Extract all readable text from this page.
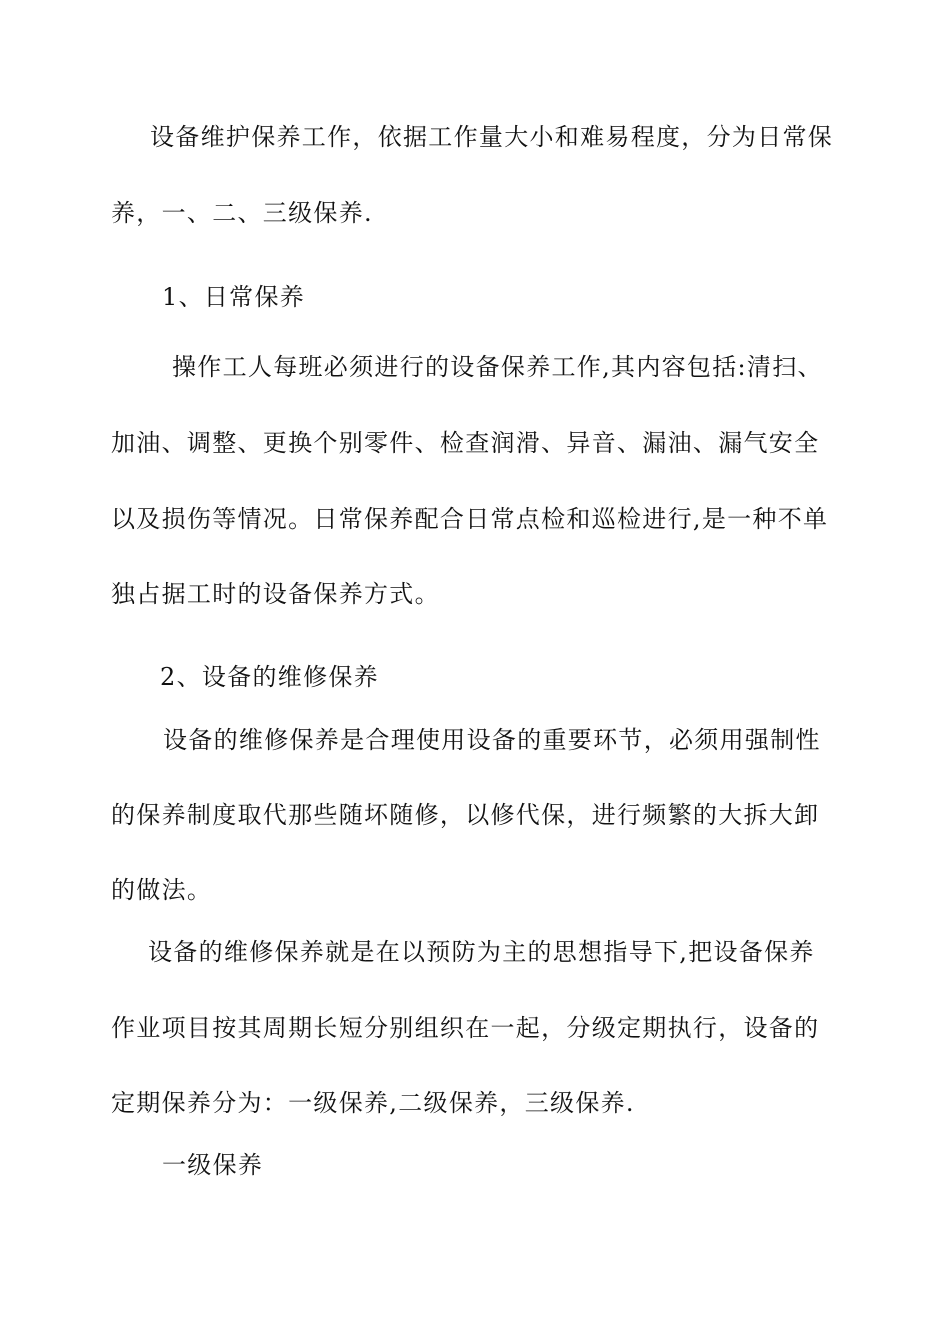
设备维护保养工作，依据工作量大小和难易程度，分为日常保
养，一、二、三级保养.
1、日常保养
操作工人每班必须进行的设备保养工作,其内容包括:清扫、
加油、调整、更换个别零件、检查润滑、异音、漏油、漏气安全
以及损伤等情况。日常保养配合日常点检和巡检进行,是一种不单
独占据工时的设备保养方式。
2、设备的维修保养
设备的维修保养是合理使用设备的重要环节，必须用强制性
的保养制度取代那些随坏随修，以修代保，进行频繁的大拆大卸
的做法。
设备的维修保养就是在以预防为主的思想指导下,把设备保养
作业项目按其周期长短分别组织在一起，分级定期执行，设备的
定期保养分为：一级保养,二级保养，三级保养.
一级保养
